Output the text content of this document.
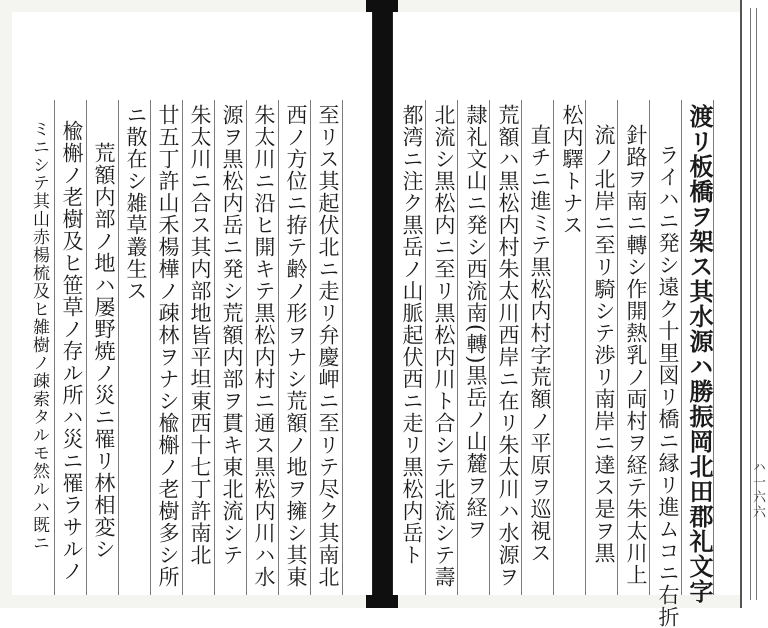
至リス其起伏北ニ走リ弁慶岬ニ至リテ尽ク其南北
西ノ方位ニ拵テ齢ノ形ヲナシ荒額ノ地ヲ擁シ其東
朱太川ニ沿ヒ開キテ黒松内村ニ通ス黒松内川ハ水
源ヲ黒松内岳ニ発シ荒額内部ヲ貫キ東北流シテ
朱太川ニ合ス其内部地皆平坦東西十七丁許南北
廿五丁許山禾楊樺ノ疎林ヲナシ楡槲ノ老樹多シ所
ニ散在シ雑草叢生ス
荒額内部ノ地ハ屡野焼ノ災ニ罹リ林相変シ
楡槲ノ老樹及ヒ笹草ノ存ル所ハ災ニ罹ラサルノ
ミニシテ其山赤楊梳及ヒ雑樹ノ疎索タルモ然ルハ既ニ	渡リ板橋ヲ架ス其水源ハ勝振岡北田郡礼文字
ライハニ発シ遠ク十里図リ橋ニ縁リ進ムコニ右折
針路ヲ南ニ轉シ作開熱乳ノ両村ヲ経テ朱太川上
流ノ北岸ニ至リ騎シテ渉リ南岸ニ達ス是ヲ黒
松内驛トナス
直チニ進ミテ黒松内村字荒額ノ平原ヲ巡視ス
荒額ハ黒松内村朱太川西岸ニ在リ朱太川ハ水源ヲ
隷礼文山ニ発シ西流南(轉)黒岳ノ山麓ヲ経ヲ
北流シ黒松内ニ至リ黒松内川ト合シテ北流シテ壽
都湾ニ注ク黒岳ノ山脈起伏西ニ走リ黒松内岳ト	ハ一六六
